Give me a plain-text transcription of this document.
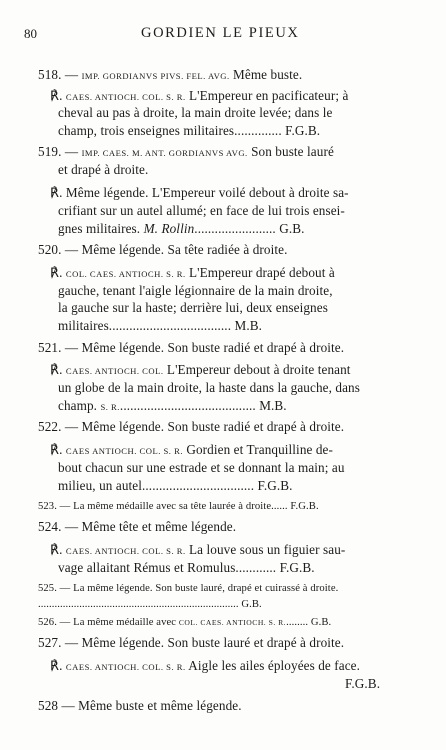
80	GORDIEN LE PIEUX
518. — IMP. GORDIANVS PIVS. FEL. AVG. Même buste.
℟. CAES. ANTIOCH. COL. S. R. L'Empereur en pacificateur; à
cheval au pas à droite, la main droite levée; dans le
champ, trois enseignes militaires.............. F.G.B.
519. — IMP. CAES. M. ANT. GORDIANVS AVG. Son buste lauré
et drapé à droite.
℟. Même légende. L'Empereur voilé debout à droite sa-
crifiant sur un autel allumé; en face de lui trois ensei-
gnes militaires. M. Rollin........................ G.B.
520. — Même légende. Sa tête radiée à droite.
℟. COL. CAES. ANTIOCH. S. R. L'Empereur drapé debout à
gauche, tenant l'aigle légionnaire de la main droite,
la gauche sur la haste; derrière lui, deux enseignes
militaires.................................... M.B.
521. — Même légende. Son buste radié et drapé à droite.
℟. CAES. ANTIOCH. COL. L'Empereur debout à droite tenant
un globe de la main droite, la haste dans la gauche, dans
champ. S. R......................................... M.B.
522. — Même légende. Son buste radié et drapé à droite.
℟. CAES ANTIOCH. COL. S. R. Gordien et Tranquilline de-
bout chacun sur une estrade et se donnant la main; au
milieu, un autel................................. F.G.B.
523. — La même médaille avec sa tête laurée à droite...... F.G.B.
524. — Même tête et même légende.
℟. CAES. ANTIOCH. COL. S. R. La louve sous un figuier sau-
vage allaitant Rémus et Romulus............ F.G.B.
525. — La même légende. Son buste lauré, drapé et cuirassé à droite.
......................................................................... G.B.
526. — La même médaille avec COL. CAES. ANTIOCH. S. R......... G.B.
527. — Même légende. Son buste lauré et drapé à droite.
℟. CAES. ANTIOCH. COL. S. R. Aigle les ailes éployées de face.
F.G.B.
528 — Même buste et même légende.
